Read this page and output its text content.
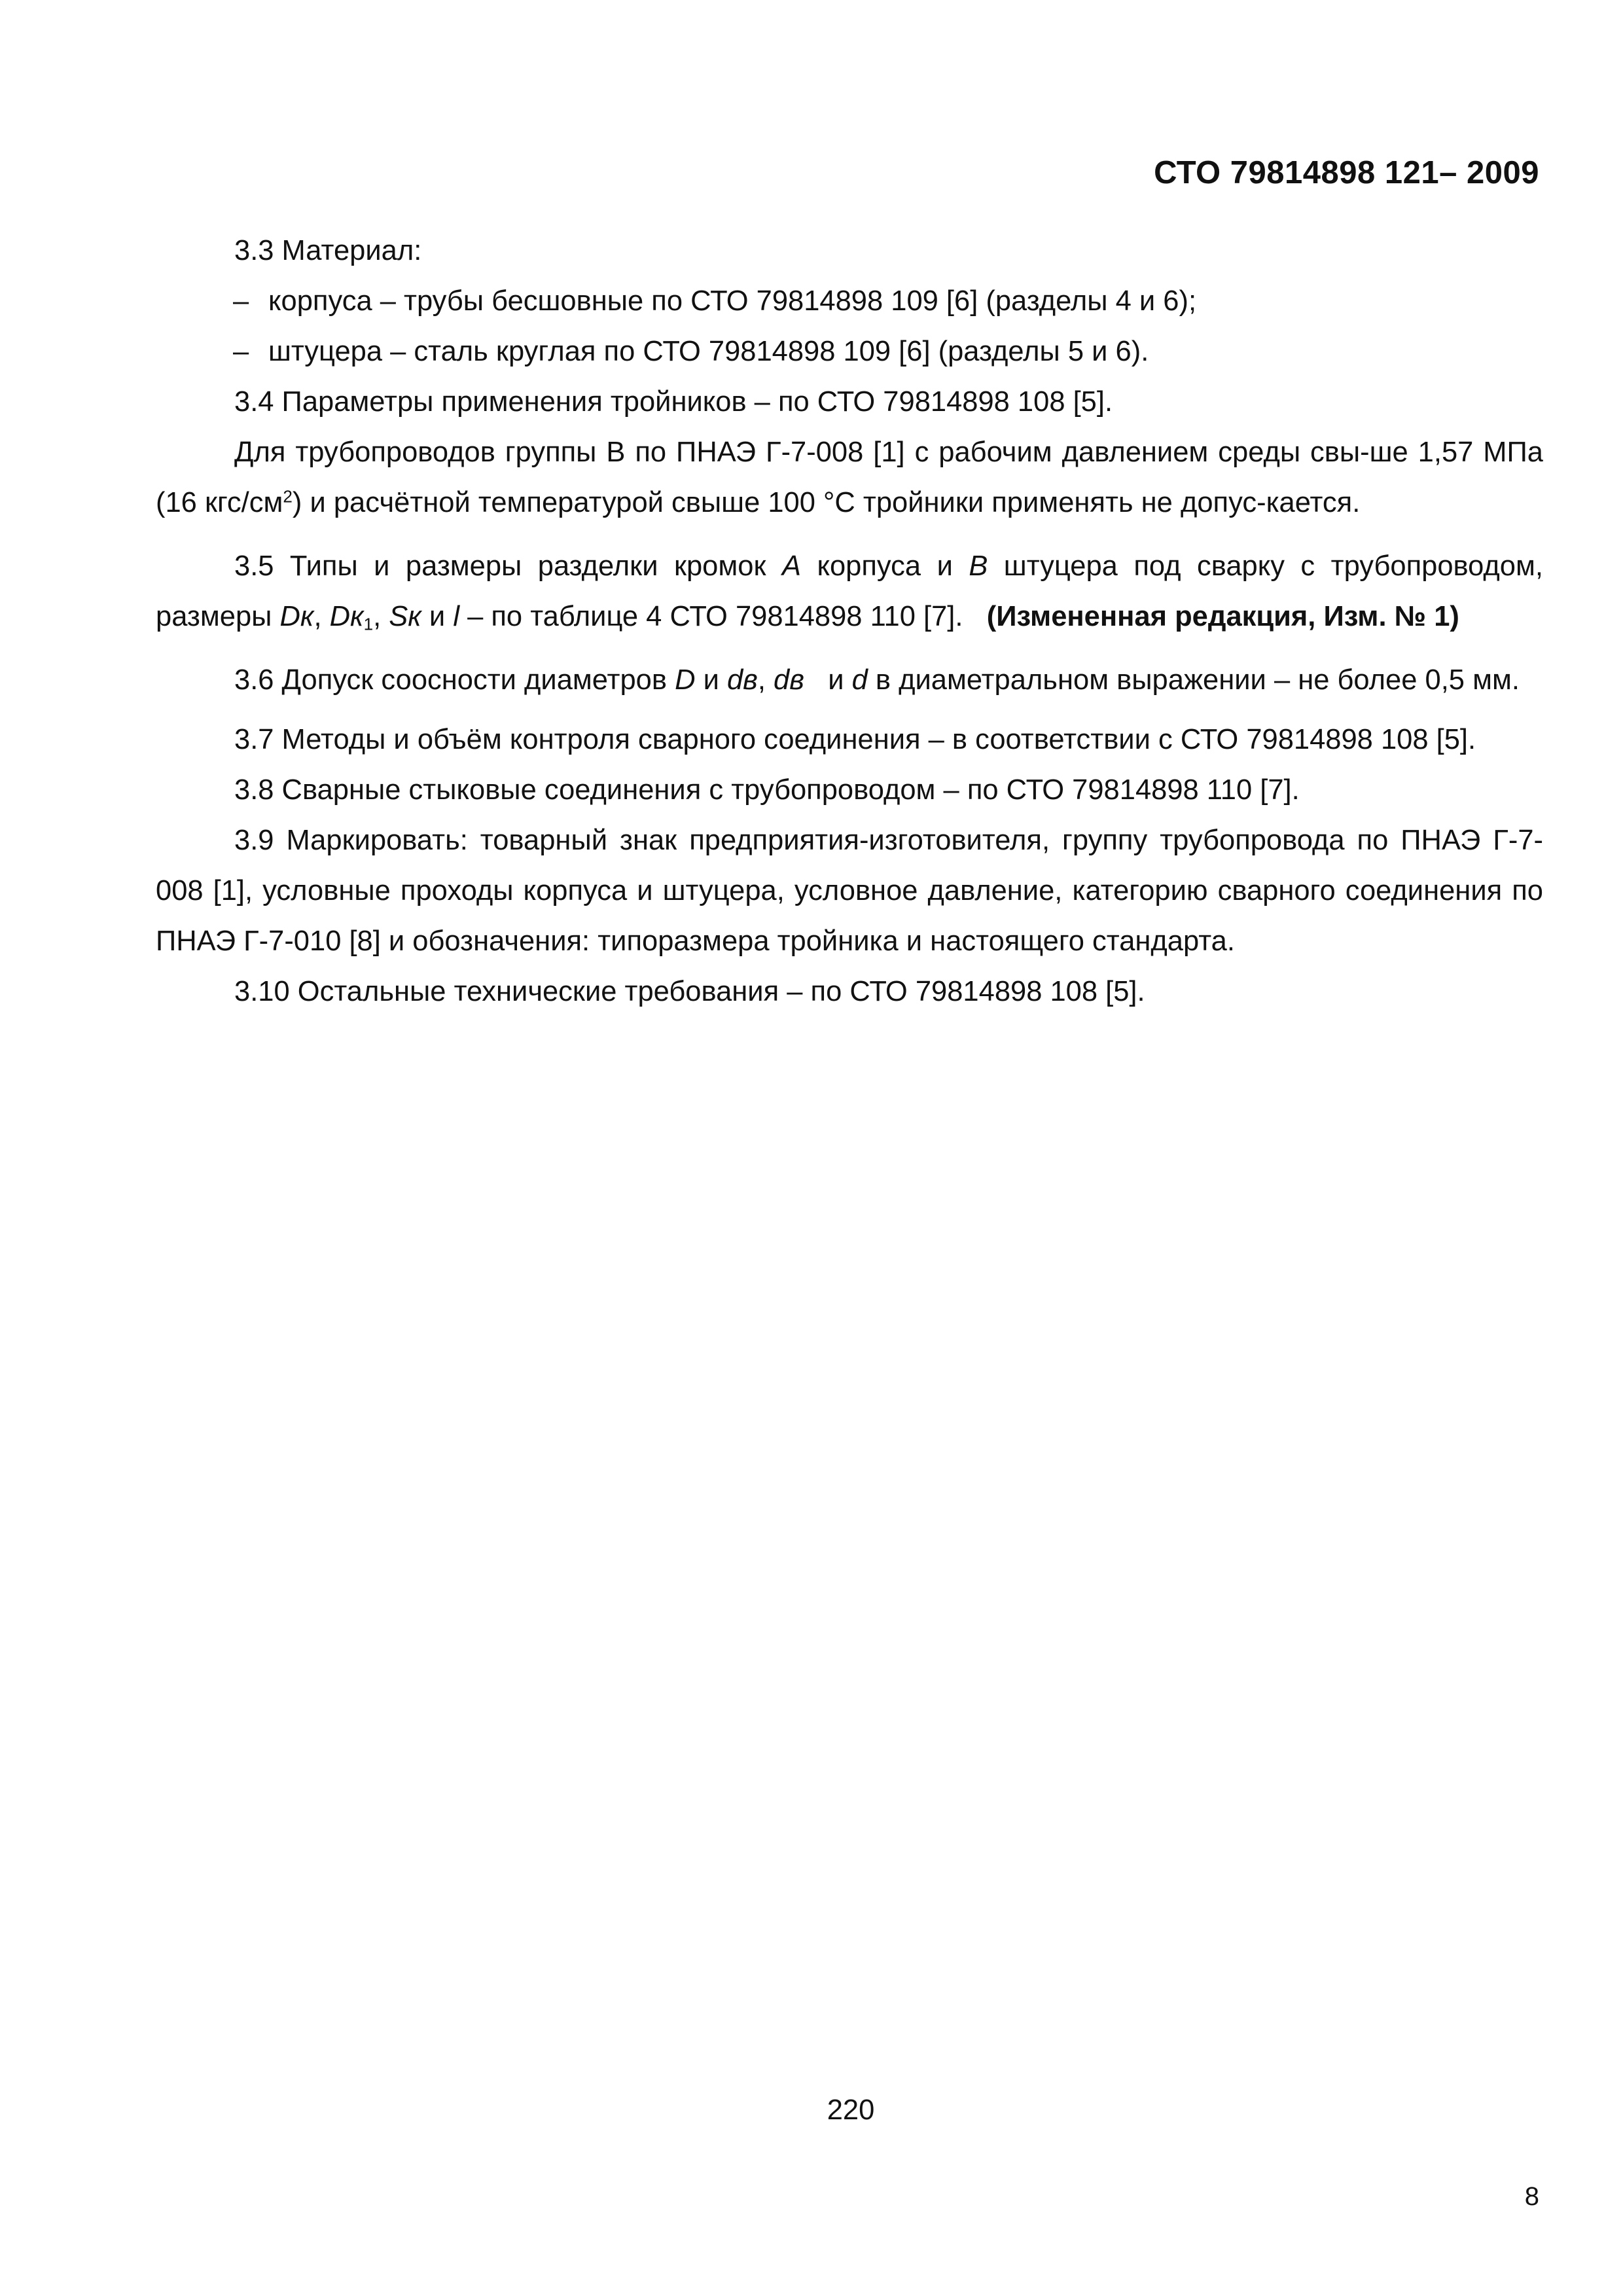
СТО 79814898 121– 2009

3.3 Материал:

– корпуса – трубы бесшовные по СТО 79814898 109 [6] (разделы 4 и 6);

– штуцера – сталь круглая по СТО 79814898 109 [6] (разделы 5 и 6).

3.4 Параметры применения тройников – по СТО 79814898 108 [5].

Для трубопроводов группы В по ПНАЭ Г-7-008 [1] с рабочим давлением среды свы-ше 1,57 МПа (16 кгс/$см^2$) и расчётной температурой свыше 100 °С тройники применять не допус-кается.

3.5 Типы и размеры разделки кромок А корпуса и В штуцера под сварку с трубопроводом, размеры Dк, $Dк_1$, Sк и l – по таблице 4 СТО 79814898 110 [7]. (Измененная редакция, Изм. № 1)

3.6 Допуск соосности диаметров D и dв, dв   и d в диаметральном выражении – не более 0,5 мм.

3.7 Методы и объём контроля сварного соединения – в соответствии с СТО 79814898 108 [5].

3.8 Сварные стыковые соединения с трубопроводом – по СТО 79814898 110 [7].

3.9 Маркировать: товарный знак предприятия-изготовителя, группу трубопровода по ПНАЭ Г-7-008 [1], условные проходы корпуса и штуцера, условное давление, категорию сварного соединения по ПНАЭ Г-7-010 [8] и обозначения: типоразмера тройника и настоящего стандарта.

3.10 Остальные технические требования – по СТО 79814898 108 [5].

220
8
